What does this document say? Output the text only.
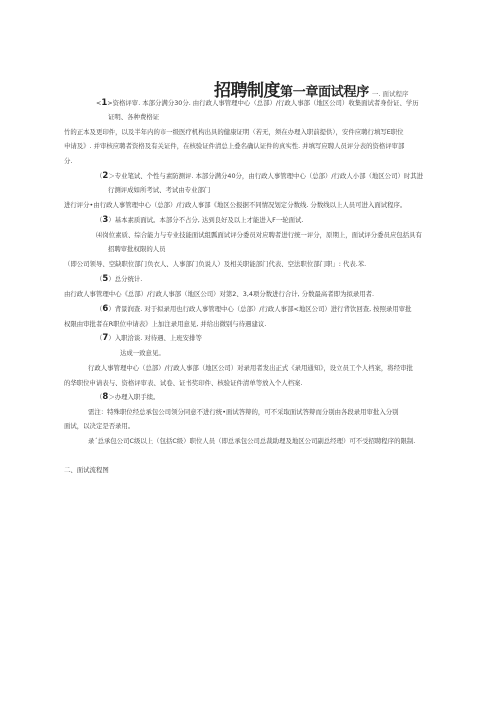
招聘制度第一章面试程序 一. 面试程序
<1>资格评审. 本部分满分30分. 由行政人事管理中心（总部）/行政人事部（地区公司）收集面试者身份证、学历
证明、各种费格证
竹的正本及更印件，以及半年内的市一级医疗机构出具的健康证明（若无，须在办理入职前提供），安件应聘行填写E职位
申请及》. 并审核应聘者资格及有关证件，在核验证件清总上叠名确认证件的真实性. 并填写应聘人员评分表的资格评审部
分.
（2＞专业笔试、个性与素防测评. 本部分满分40分，由行政人事管理中心（总部）/行政人小部（地区公司）时其进
行测评成如所考试、考试由专业部门
进行评分•由行政人事管理中心（总部）/行政人事部《地区公报据不同情况划定分数线. 分数线以上人员可进入面试程序。
（3）基本素质面试。本部分不占分, 达到良好及以上才能进入F一轮面试.
⑷岗位素质、综合能力与专业技能面试组瓢面试评分委员对应聘者进行统一评分，原期上，面试评分委员应包括具有
招聘审批权限的人员
（即公司领导、空缺职位部门负衣人、人事部门负说人）及相关职能部门代表、空法职位部门职」: 代表.苯.
（5）总分统计.
由行政人事管理中心《总部）/行政人事部（地区公司）对第2、3,4项分数进行合计, 分数最高者即为拟录用者.
（6）背景润查. 对于拟录用也行政人事管理中心（总部）/行政人事部<地区公司）进行背饮回查, 按照录用审批
权限由审批者在R职位申请表》上加注录用意见, 并给出微别与待遇建议.
（7）入职洽谈. 对待遇、上班安排等
达成一致意见。
行政人事管理中心（总部）/行政人事部（地区公司）对录用者发出正式《录用通知》，设立员工个人档案，将经审批
的华职位申请表与、资格评审表、试卷、证书奖印件、核验证件清单等放入个人档案.
（8＞办理入职手续。
需注：特殊职位经总承包公司领分同意不进行统•面试答辩的，可不采取面试答辩而分别由各段录用审批入分别
面试，以决定是否录用。
录´总承包公司C级以上（包括C级）职位人员（即总承包公司总裁助理及地区公司副总经理）可不受招聘程序的限制.
二、面试流程图
